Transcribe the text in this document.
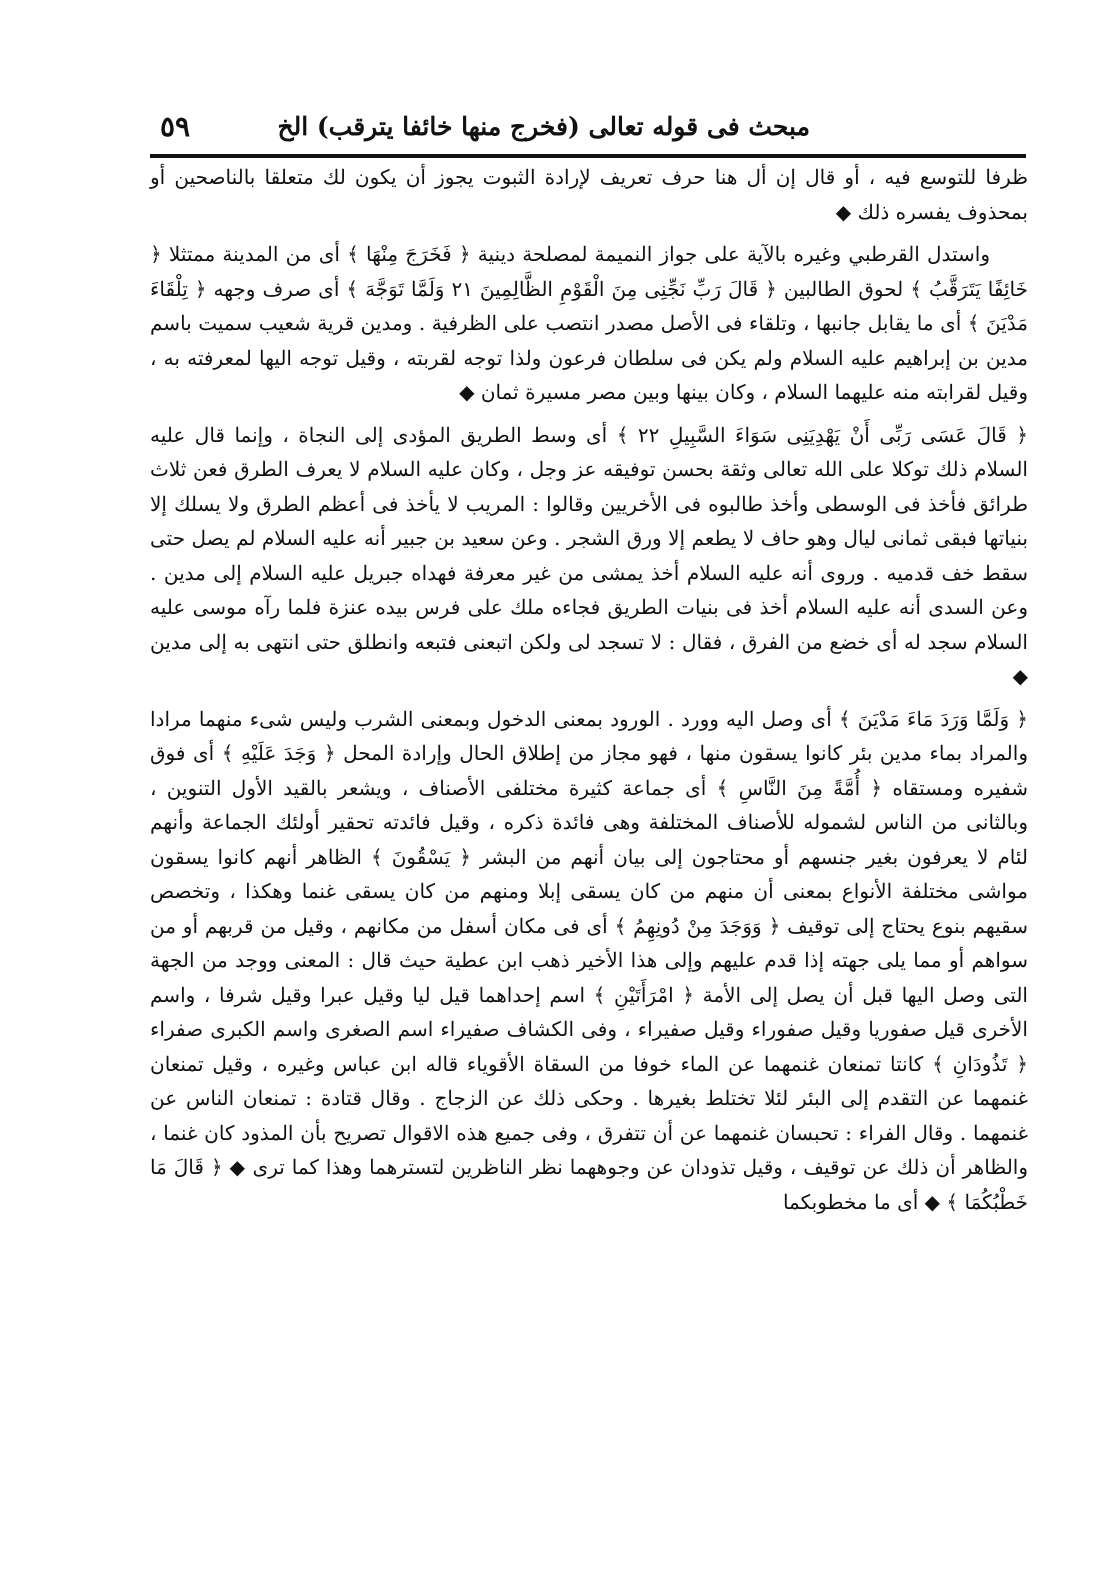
مبحث فى قوله تعالى (فخرج منها خائفا يترقب) الخ
٥٩

ظرفا للتوسع فيه ، أو قال إن أل هنا حرف تعريف لإرادة الثبوت يجوز أن يكون لك متعلقا بالناصحين أو بمحذوف يفسره ذلك ◆

واستدل القرطبي وغيره بالآية على جواز النميمة لمصلحة دينية ﴿ فَخَرَجَ مِنْهَا ﴾ أى من المدينة ممتثلا ﴿ خَائِفًا يَتَرَقَّبُ ﴾ لحوق الطالبين ﴿ قَالَ رَبِّ نَجِّنِى مِنَ الْقَوْمِ الظَّالِمِينَ ٢١ وَلَمَّا تَوَجَّهَ ﴾ أى صرف وجهه ﴿ تِلْقَاءَ مَدْيَنَ ﴾ أى ما يقابل جانبها ، وتلقاء فى الأصل مصدر انتصب على الظرفية . ومدين قرية شعيب سميت باسم مدين بن إبراهيم عليه السلام ولم يكن فى سلطان فرعون ولذا توجه لقربته ، وقيل توجه اليها لمعرفته به ، وقيل لقرابته منه عليهما السلام ، وكان بينها وبين مصر مسيرة ثمان ◆

﴿ قَالَ عَسَى رَبِّى أَنْ يَهْدِيَنِى سَوَاءَ السَّبِيلِ ٢٢ ﴾ أى وسط الطريق المؤدى إلى النجاة ، وإنما قال عليه السلام ذلك توكلا على الله تعالى وثقة بحسن توفيقه عز وجل ، وكان عليه السلام لا يعرف الطرق فعن ثلاث طرائق فأخذ فى الوسطى وأخذ طالبوه فى الأخريين وقالوا : المريب لا يأخذ فى أعظم الطرق ولا يسلك إلا بنياتها فبقى ثمانى ليال وهو حاف لا يطعم إلا ورق الشجر . وعن سعيد بن جبير أنه عليه السلام لم يصل حتى سقط خف قدميه . وروى أنه عليه السلام أخذ يمشى من غير معرفة فهداه جبريل عليه السلام إلى مدين . وعن السدى أنه عليه السلام أخذ فى بنيات الطريق فجاءه ملك على فرس بيده عنزة فلما رآه موسى عليه السلام سجد له أى خضع من الفرق ، فقال : لا تسجد لى ولكن اتبعنى فتبعه وانطلق حتى انتهى به إلى مدين ◆

﴿ وَلَمَّا وَرَدَ مَاءَ مَدْيَنَ ﴾ أى وصل اليه وورد . الورود بمعنى الدخول وبمعنى الشرب وليس شىء منهما مرادا والمراد بماء مدين بئر كانوا يسقون منها ، فهو مجاز من إطلاق الحال وإرادة المحل ﴿ وَجَدَ عَلَيْهِ ﴾ أى فوق شفيره ومستقاه ﴿ أُمَّةً مِنَ النَّاسِ ﴾ أى جماعة كثيرة مختلفى الأصناف ، ويشعر بالقيد الأول التنوين ، وبالثانى من الناس لشموله للأصناف المختلفة وهى فائدة ذكره ، وقيل فائدته تحقير أولئك الجماعة وأنهم لئام لا يعرفون بغير جنسهم أو محتاجون إلى بيان أنهم من البشر ﴿ يَسْقُونَ ﴾ الظاهر أنهم كانوا يسقون مواشى مختلفة الأنواع بمعنى أن منهم من كان يسقى إبلا ومنهم من كان يسقى غنما وهكذا ، وتخصص سقيهم بنوع يحتاج إلى توقيف ﴿ وَوَجَدَ مِنْ دُونِهِمُ ﴾ أى فى مكان أسفل من مكانهم ، وقيل من قربهم أو من سواهم أو مما يلى جهته إذا قدم عليهم وإلى هذا الأخير ذهب ابن عطية حيث قال : المعنى ووجد من الجهة التى وصل اليها قبل أن يصل إلى الأمة ﴿ امْرَأَتَيْنِ ﴾ اسم إحداهما قيل ليا وقيل عبرا وقيل شرفا ، واسم الأخرى قيل صفوريا وقيل صفوراء وقيل صفيراء ، وفى الكشاف صفيراء اسم الصغرى واسم الكبرى صفراء ﴿ تَذُودَانِ ﴾ كانتا تمنعان غنمهما عن الماء خوفا من السقاة الأقوياء قاله ابن عباس وغيره ، وقيل تمنعان غنمهما عن التقدم إلى البئر لئلا تختلط بغيرها . وحكى ذلك عن الزجاج . وقال قتادة : تمنعان الناس عن غنمهما . وقال الفراء : تحبسان غنمهما عن أن تتفرق ، وفى جميع هذه الاقوال تصريح بأن المذود كان غنما ، والظاهر أن ذلك عن توقيف ، وقيل تذودان عن وجوههما نظر الناظرين لتسترهما وهذا كما ترى ◆ ﴿ قَالَ مَا خَطْبُكُمَا ﴾ ◆ أى ما مخطوبكما
